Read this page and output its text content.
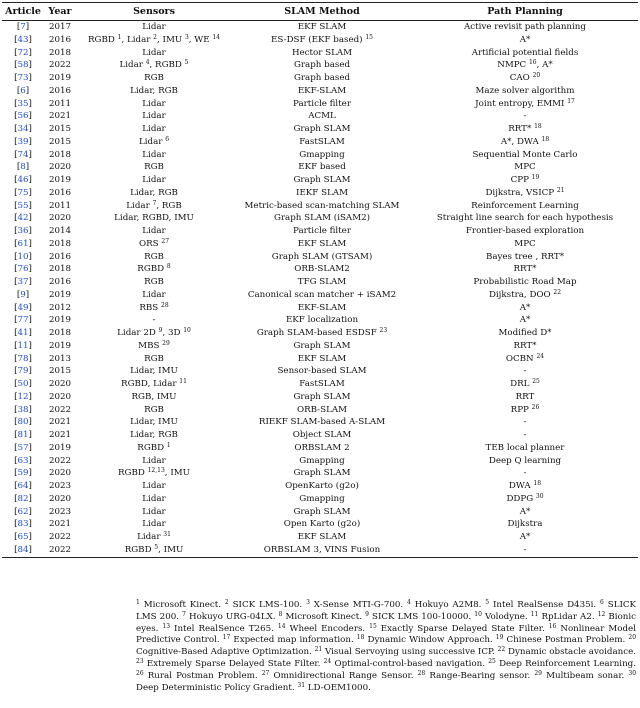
Article	Year	Sensors	SLAM Method	Path Planning
[7]	2017	Lidar	EKF SLAM	Active revisit path planning
[43]	2016	RGBD $^1$, Lidar $^2$, IMU $^3$, WE $^{14}$	ES-DSF (EKF based) $^{15}$	A*
[72]	2018	Lidar	Hector SLAM	Artificial potential fields
[58]	2022	Lidar $^4$, RGBD $^5$	Graph based	NMPC $^{16}$, A*
[73]	2019	RGB	Graph based	CAO $^{20}$
[6]	2016	Lidar, RGB	EKF-SLAM	Maze solver algorithm
[35]	2011	Lidar	Particle filter	Joint entropy, EMMI $^{17}$
[56]	2021	Lidar	ACML	-
[34]	2015	Lidar	Graph SLAM	RRT* $^{18}$
[39]	2015	Lidar $^6$	FastSLAM	A*, DWA $^{18}$
[74]	2018	Lidar	Gmapping	Sequential Monte Carlo
[8]	2020	RGB	EKF based	MPC
[46]	2019	Lidar	Graph SLAM	CPP $^{19}$
[75]	2016	Lidar, RGB	IEKF SLAM	Dijkstra, VSICP $^{21}$
[55]	2011	Lidar $^7$, RGB	Metric-based scan-matching SLAM	Reinforcement Learning
[42]	2020	Lidar, RGBD, IMU	Graph SLAM (iSAM2)	Straight line search for each hypothesis
[36]	2014	Lidar	Particle filter	Frontier-based exploration
[61]	2018	ORS $^{27}$	EKF SLAM	MPC
[10]	2016	RGB	Graph SLAM (GTSAM)	Bayes tree , RRT*
[76]	2018	RGBD $^8$	ORB-SLAM2	RRT*
[37]	2016	RGB	TFG SLAM	Probabilistic Road Map
[9]	2019	Lidar	Canonical scan matcher + iSAM2	Dijkstra, DOO $^{22}$
[49]	2012	RBS $^{28}$	EKF-SLAM	A*
[77]	2019	-	EKF localization	A*
[41]	2018	Lidar 2D $^9$, 3D $^{10}$	Graph SLAM-based ESDSF $^{23}$	Modified D*
[11]	2019	MBS $^{29}$	Graph SLAM	RRT*
[78]	2013	RGB	EKF SLAM	OCBN $^{24}$
[79]	2015	Lidar, IMU	Sensor-based SLAM	-
[50]	2020	RGBD, Lidar $^{11}$	FastSLAM	DRL $^{25}$
[12]	2020	RGB, IMU	Graph SLAM	RRT
[38]	2022	RGB	ORB-SLAM	RPP $^{26}$
[80]	2021	Lidar, IMU	RIEKF SLAM-based A-SLAM	-
[81]	2021	Lidar, RGB	Object SLAM	-
[57]	2019	RGBD $^1$	ORBSLAM 2	TEB local planner
[63]	2022	Lidar	Gmapping	Deep Q learning
[59]	2020	RGBD $^{12,13}$, IMU	Graph SLAM	-
[64]	2023	Lidar	OpenKarto (g2o)	DWA $^{18}$
[82]	2020	Lidar	Gmapping	DDPG $^{30}$
[62]	2023	Lidar	Graph SLAM	A*
[83]	2021	Lidar	Open Karto (g2o)	Dijkstra
[65]	2022	Lidar $^{31}$	EKF SLAM	A*
[84]	2022	RGBD $^5$, IMU	ORBSLAM 3, VINS Fusion	-
$^1$ Microsoft Kinect. $^2$ SICK LMS-100. $^3$ X-Sense MTI-G-700. $^4$ Hokuyo A2M8. $^5$ Intel RealSense D435i. $^6$ SLICK LMS 200. $^7$ Hokuyo URG-04LX. $^8$ Microsoft Kinect. $^9$ SICK LMS 100-10000. $^{10}$ Volodyne. $^{11}$ RpLidar A2. $^{12}$ Bionic eyes. $^{13}$ Intel RealSence T265. $^{14}$ Wheel Encoders. $^{15}$ Exactly Sparse Delayed State Filter. $^{16}$ Nonlinear Model Predictive Control. $^{17}$ Expected map information. $^{18}$ Dynamic Window Approach. $^{19}$ Chinese Postman Problem. $^{20}$ Cognitive-Based Adaptive Optimization. $^{21}$ Visual Servoying using successive ICP. $^{22}$ Dynamic obstacle avoidance. $^{23}$ Extremely Sparse Delayed State Filter. $^{24}$ Optimal-control-based navigation. $^{25}$ Deep Reinforcement Learning. $^{26}$ Rural Postman Problem. $^{27}$ Omnidirectional Range Sensor. $^{28}$ Range-Bearing sensor. $^{29}$ Multibeam sonar. $^{30}$ Deep Deterministic Policy Gradient. $^{31}$ LD-OEM1000.
